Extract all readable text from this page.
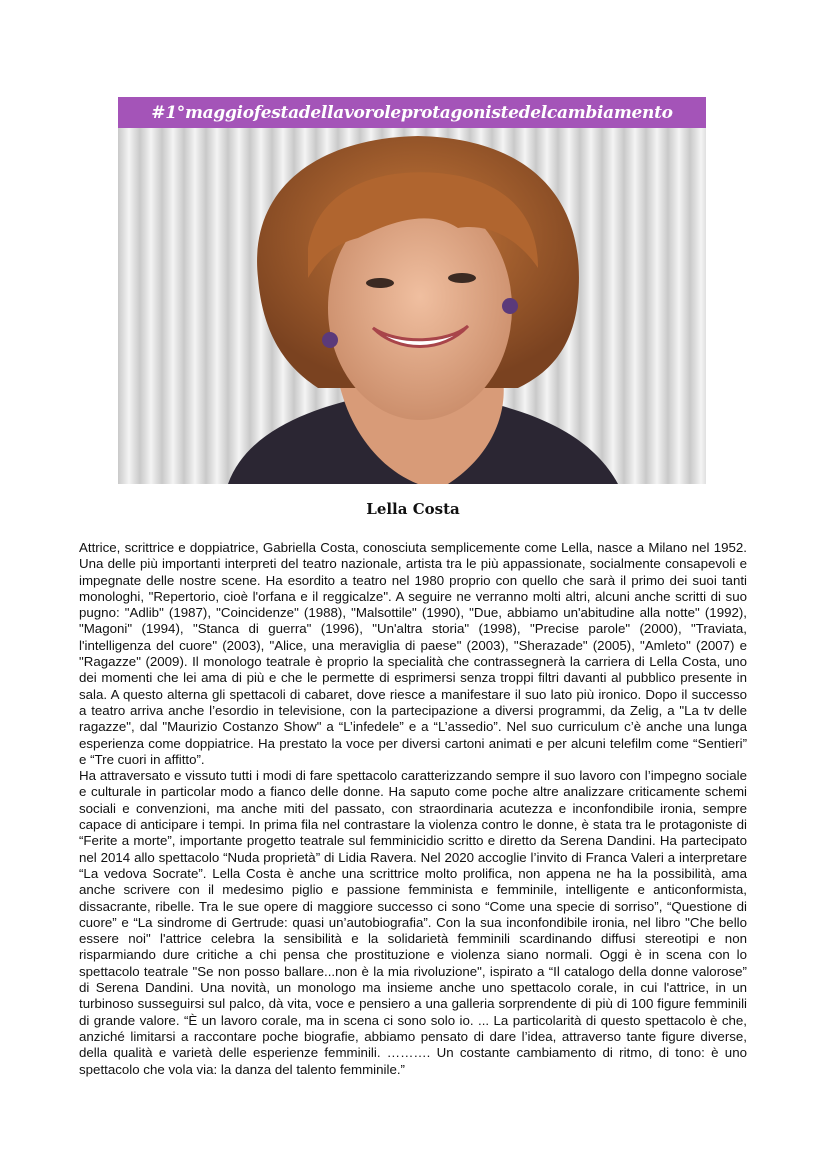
#1°maggiofestadellavoroleprotagonistedelcambiamento
Lella Costa

Attrice, scrittrice e doppiatrice, Gabriella Costa, conosciuta semplicemente come Lella, nasce a Milano nel 1952. Una delle più importanti interpreti del teatro nazionale, artista tra le più appassionate, socialmente consapevoli e impegnate delle nostre scene. Ha esordito a teatro nel 1980 proprio con quello che sarà il primo dei suoi tanti monologhi, "Repertorio, cioè l'orfana e il reggicalze". A seguire ne verranno molti altri, alcuni anche scritti di suo pugno: "Adlib" (1987), "Coincidenze" (1988), "Malsottile" (1990), "Due, abbiamo un'abitudine alla notte" (1992), "Magoni" (1994), "Stanca di guerra" (1996), "Un'altra storia" (1998), "Precise parole" (2000), "Traviata, l'intelligenza del cuore" (2003), "Alice, una meraviglia di paese" (2003), "Sherazade" (2005), "Amleto" (2007) e "Ragazze" (2009). Il monologo teatrale è proprio la specialità che contrassegnerà la carriera di Lella Costa, uno dei momenti che lei ama di più e che le permette di esprimersi senza troppi filtri davanti al pubblico presente in sala. A questo alterna gli spettacoli di cabaret, dove riesce a manifestare il suo lato più ironico. Dopo il successo a teatro arriva anche l’esordio in televisione, con la partecipazione a diversi programmi, da Zelig, a "La tv delle ragazze", dal "Maurizio Costanzo Show" a “L’infedele” e a “L’assedio”. Nel suo curriculum c’è anche una lunga esperienza come doppiatrice. Ha prestato la voce per diversi cartoni animati e per alcuni telefilm come “Sentieri” e “Tre cuori in affitto”.

Ha attraversato e vissuto tutti i modi di fare spettacolo caratterizzando sempre il suo lavoro con l’impegno sociale e culturale in particolar modo a fianco delle donne. Ha saputo come poche altre analizzare criticamente schemi sociali e convenzioni, ma anche miti del passato, con straordinaria acutezza e inconfondibile ironia, sempre capace di anticipare i tempi. In prima fila nel contrastare la violenza contro le donne, è stata tra le protagoniste di “Ferite a morte”, importante progetto teatrale sul femminicidio scritto e diretto da Serena Dandini. Ha partecipato nel 2014 allo spettacolo “Nuda proprietà” di Lidia Ravera. Nel 2020 accoglie l’invito di Franca Valeri a interpretare “La vedova Socrate”. Lella Costa è anche una scrittrice molto prolifica, non appena ne ha la possibilità, ama anche scrivere con il medesimo piglio e passione femminista e femminile, intelligente e anticonformista, dissacrante, ribelle. Tra le sue opere di maggiore successo ci sono “Come una specie di sorriso”, “Questione di cuore” e “La sindrome di Gertrude: quasi un’autobiografia”. Con la sua inconfondibile ironia, nel libro "Che bello essere noi" l'attrice celebra la sensibilità e la solidarietà femminili scardinando diffusi stereotipi e non risparmiando dure critiche a chi pensa che prostituzione e violenza siano normali. Oggi è in scena con lo spettacolo teatrale "Se non posso ballare...non è la mia rivoluzione", ispirato a “Il catalogo della donne valorose” di Serena Dandini. Una novità, un monologo ma insieme anche uno spettacolo corale, in cui l'attrice, in un turbinoso susseguirsi sul palco, dà vita, voce e pensiero a una galleria sorprendente di più di 100 figure femminili di grande valore. “È un lavoro corale, ma in scena ci sono solo io. ... La particolarità di questo spettacolo è che, anziché limitarsi a raccontare poche biografie, abbiamo pensato di dare l’idea, attraverso tante figure diverse, della qualità e varietà delle esperienze femminili. ………. Un costante cambiamento di ritmo, di tono: è uno spettacolo che vola via: la danza del talento femminile.”
